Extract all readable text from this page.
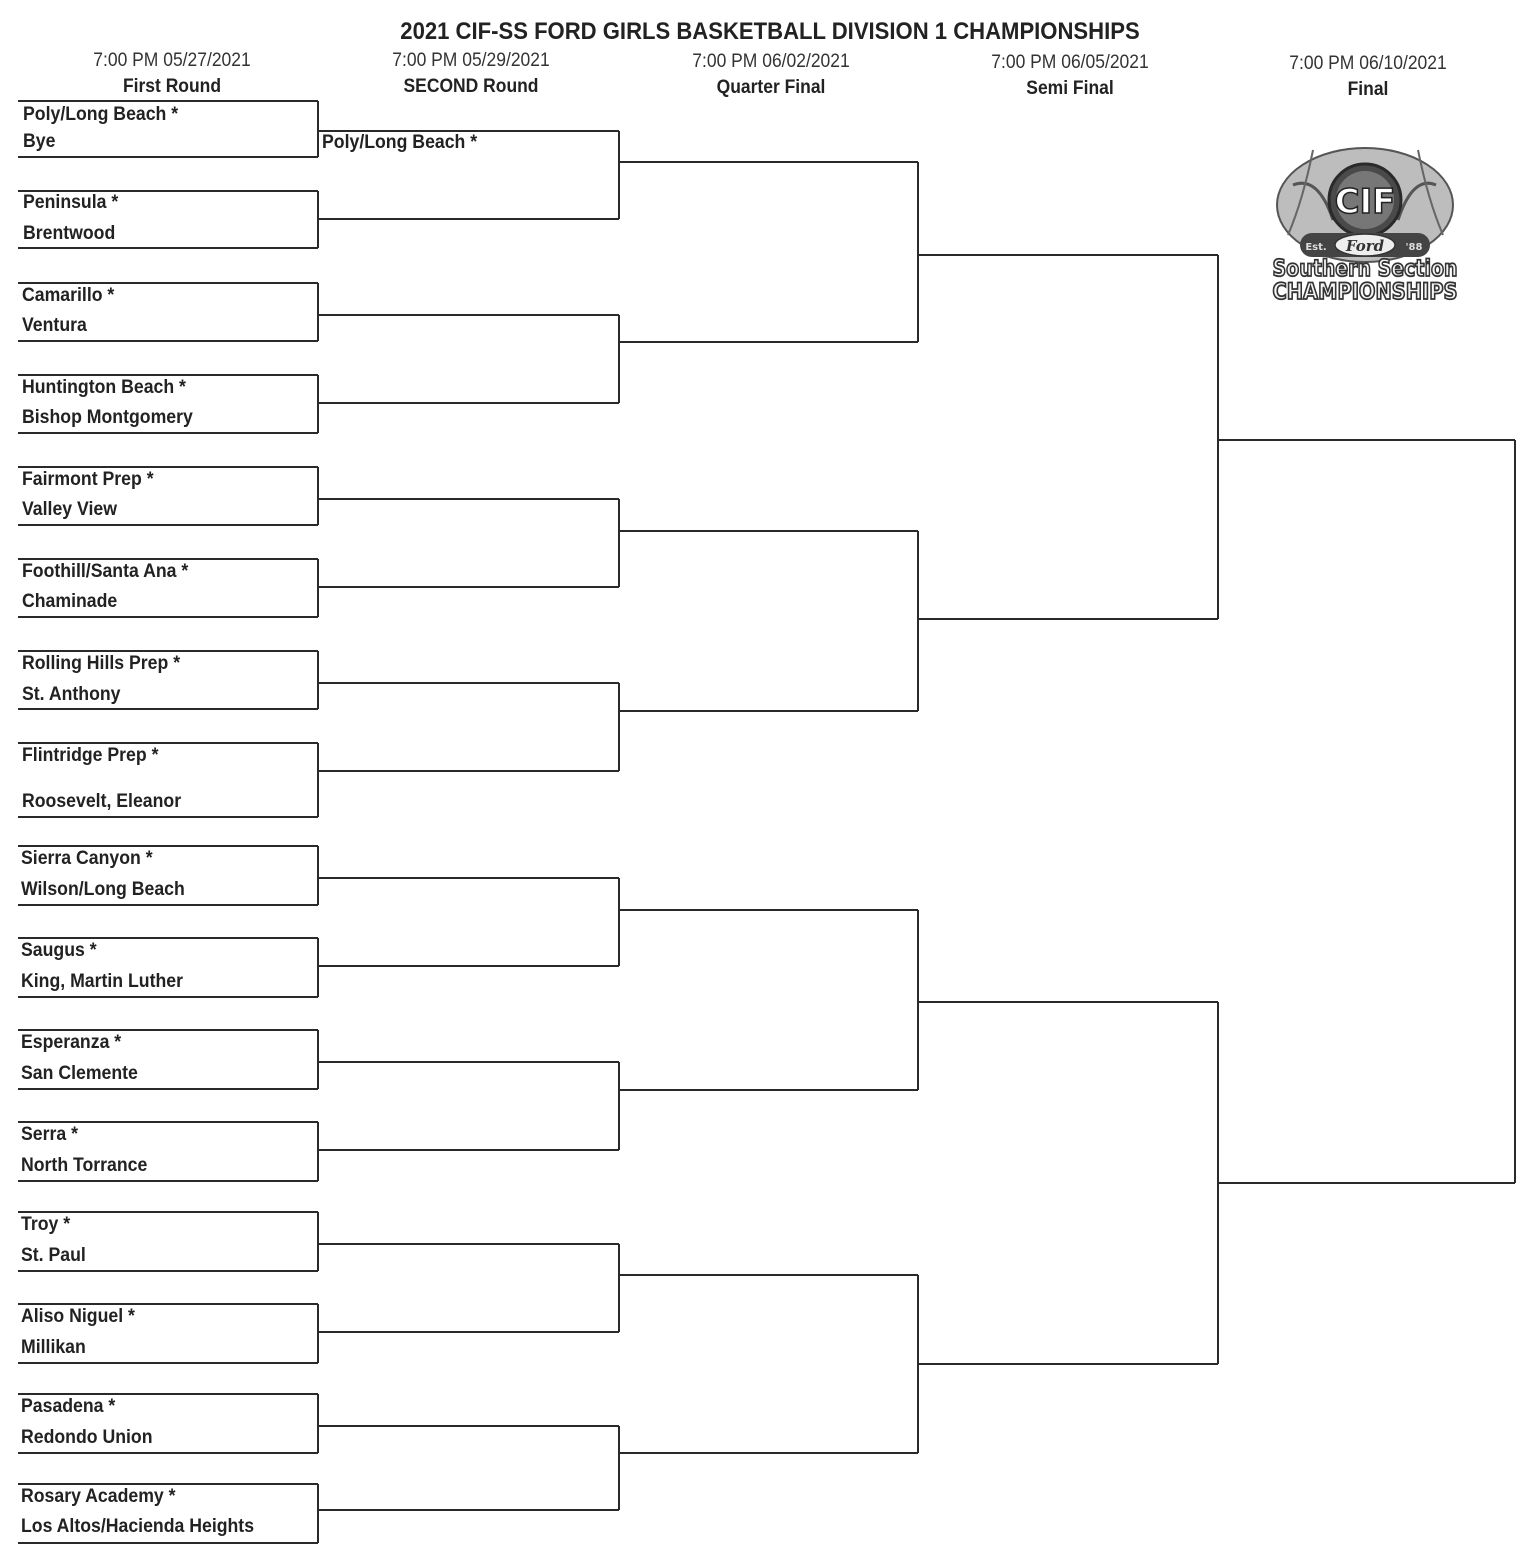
2021 CIF-SS FORD GIRLS BASKETBALL DIVISION 1 CHAMPIONSHIPS
7:00 PM 05/27/2021
First Round
7:00 PM 05/29/2021
SECOND Round
7:00 PM 06/02/2021
Quarter Final
7:00 PM 06/05/2021
Semi Final
7:00 PM 06/10/2021
Final
Poly/Long Beach *
Bye
Peninsula *
Brentwood
Camarillo *
Ventura
Huntington Beach *
Bishop Montgomery
Fairmont Prep *
Valley View
Foothill/Santa Ana *
Chaminade
Rolling Hills Prep *
St. Anthony
Flintridge Prep *
Roosevelt, Eleanor
Sierra Canyon *
Wilson/Long Beach
Saugus *
King, Martin Luther
Esperanza *
San Clemente
Serra *
North Torrance
Troy *
St. Paul
Aliso Niguel *
Millikan
Pasadena *
Redondo Union
Rosary Academy *
Los Altos/Hacienda Heights
Poly/Long Beach *
CIF
Est. Ford '88
Southern Section
CHAMPIONSHIPS
